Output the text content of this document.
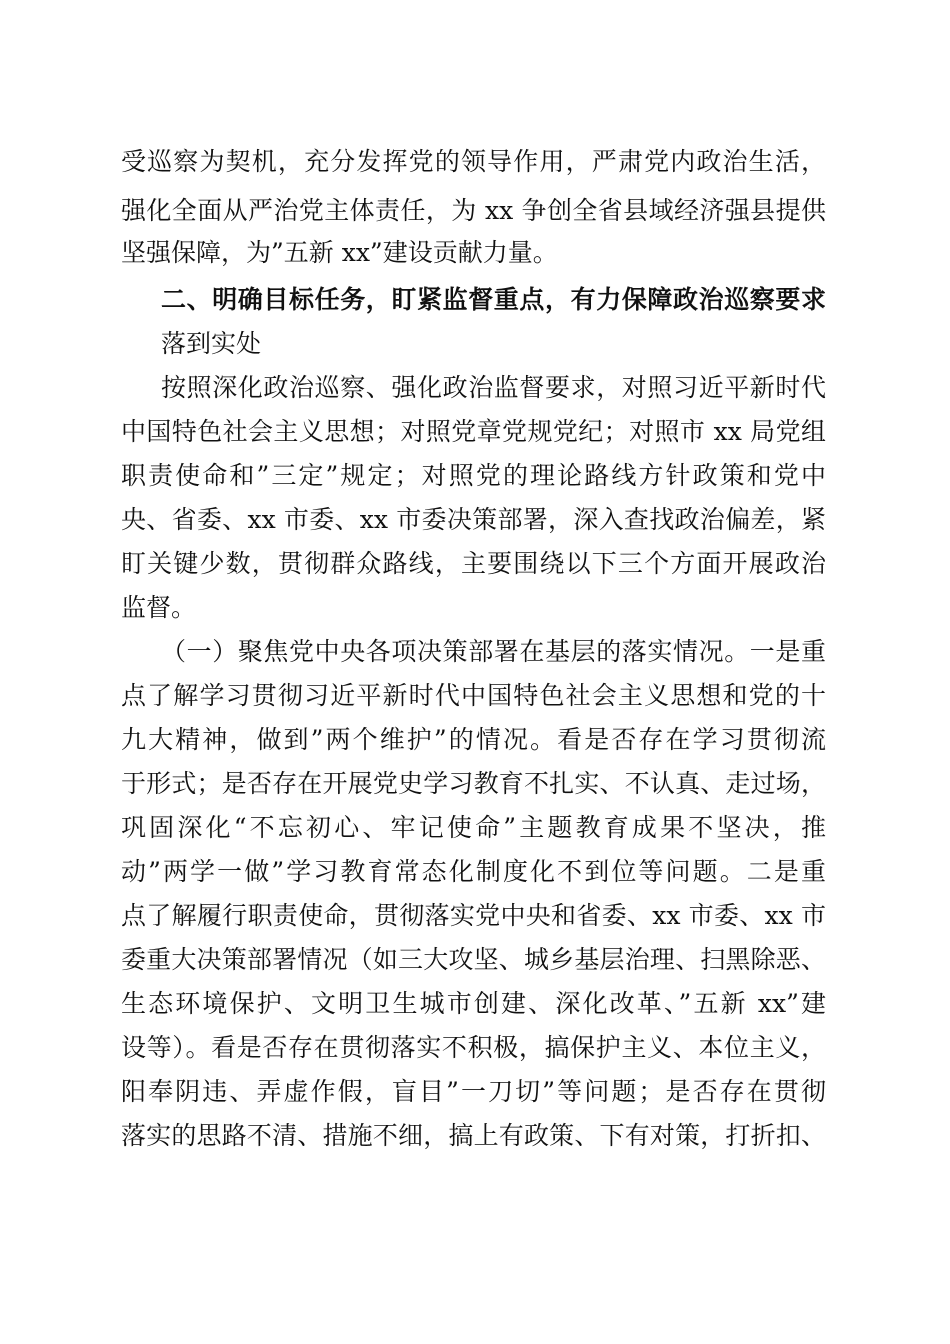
受巡察为契机，充分发挥党的领导作用，严肃党内政治生活，
强化全面从严治党主体责任，为 xx 争创全省县域经济强县提供
坚强保障，为”五新 xx”建设贡献力量。
二、明确目标任务，盯紧监督重点，有力保障政治巡察要求
落到实处
按照深化政治巡察、强化政治监督要求，对照习近平新时代
中国特色社会主义思想；对照党章党规党纪；对照市 xx 局党组
职责使命和”三定”规定；对照党的理论路线方针政策和党中
央、省委、xx 市委、xx 市委决策部署，深入查找政治偏差，紧
盯关键少数，贯彻群众路线，主要围绕以下三个方面开展政治
监督。
（一）聚焦党中央各项决策部署在基层的落实情况。一是重
点了解学习贯彻习近平新时代中国特色社会主义思想和党的十
九大精神，做到”两个维护”的情况。看是否存在学习贯彻流
于形式；是否存在开展党史学习教育不扎实、不认真、走过场，
巩固深化“不忘初心、牢记使命”主题教育成果不坚决，推
动”两学一做”学习教育常态化制度化不到位等问题。二是重
点了解履行职责使命，贯彻落实党中央和省委、xx 市委、xx 市
委重大决策部署情况（如三大攻坚、城乡基层治理、扫黑除恶、
生态环境保护、文明卫生城市创建、深化改革、”五新 xx”建
设等）。看是否存在贯彻落实不积极，搞保护主义、本位主义，
阳奉阴违、弄虚作假，盲目”一刀切”等问题；是否存在贯彻
落实的思路不清、措施不细，搞上有政策、下有对策，打折扣、
